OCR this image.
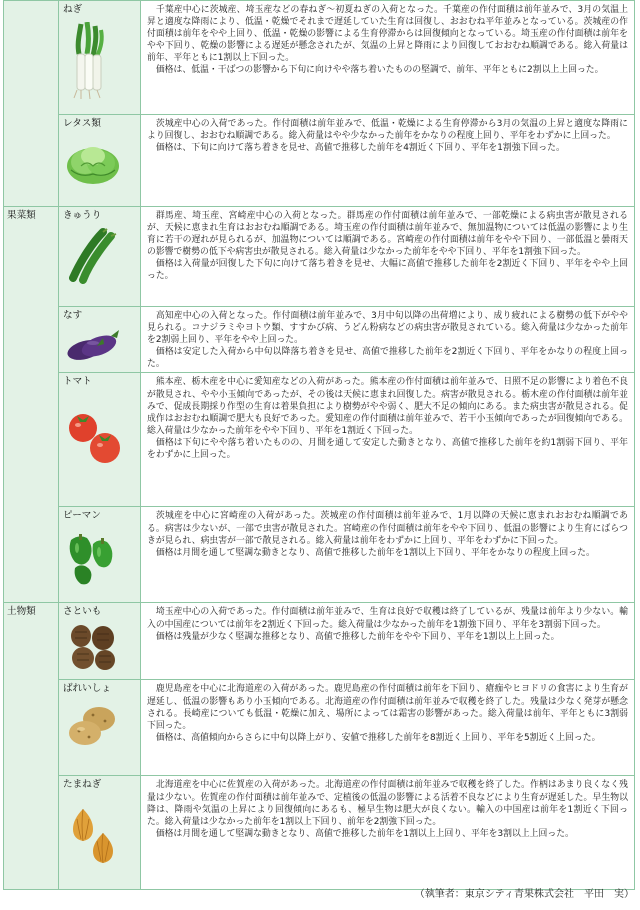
	ねぎ	千葉産中心に茨城産、埼玉産などの春ねぎ〜初夏ねぎの入荷となった。千葉産の作付面積は前年並みで、3月の気温上昇と適度な降雨により、低温・乾燥でそれまで遅延していた生育は回復し、おおむね平年並みとなっている。茨城産の作付面積は前年をやや上回り、低温・乾燥の影響による生育停滞からは回復傾向となっている。埼玉産の作付面積は前年をやや下回り、乾燥の影響による遅延が懸念されたが、気温の上昇と降雨により回復しておおむね順調である。総入荷量は前年、平年ともに1割以上下回った。

価格は、低温・干ばつの影響から下旬に向けやや落ち着いたものの堅調で、前年、平年ともに2割以上上回った。

	レタス類	茨城産中心の入荷であった。作付面積は前年並みで、低温・乾燥による生育停滞から3月の気温の上昇と適度な降雨により回復し、おおむね順調である。総入荷量はやや少なかった前年をかなりの程度上回り、平年をわずかに上回った。

価格は、下旬に向けて落ち着きを見せ、高値で推移した前年を4割近く下回り、平年を1割強下回った。

果菜類	きゅうり	群馬産、埼玉産、宮崎産中心の入荷となった。群馬産の作付面積は前年並みで、一部乾燥による病虫害が散見されるが、天候に恵まれ生育はおおむね順調である。埼玉産の作付面積は前年並みで、無加温物については低温の影響により生育に若干の遅れが見られるが、加温物については順調である。宮崎産の作付面積は前年をやや下回り、一部低温と曇雨天の影響で樹勢の低下や病害虫が散見される。総入荷量は少なかった前年をやや下回り、平年を1割強下回った。

価格は入荷量が回復した下旬に向けて落ち着きを見せ、大幅に高値で推移した前年を2割近く下回り、平年をやや上回った。

	なす	高知産中心の入荷となった。作付面積は前年並みで、3月中旬以降の出荷増により、成り疲れによる樹勢の低下がやや見られる。コナジラミやヨトウ類、すすかび病、うどん粉病などの病虫害が散見されている。総入荷量は少なかった前年を2割弱上回り、平年をやや上回った。

価格は安定した入荷から中旬以降落ち着きを見せ、高値で推移した前年を2割近く下回り、平年をかなりの程度上回った。

	トマト	熊本産、栃木産を中心に愛知産などの入荷があった。熊本産の作付面積は前年並みで、日照不足の影響により着色不良が散見され、やや小玉傾向であったが、その後は天候に恵まれ回復した。病害が散見される。栃木産の作付面積は前年並みで、促成長期採り作型の生育は着果負担により樹勢がやや弱く、肥大不足の傾向にある。また病虫害が散見される。促成作はおおむね順調で肥大も良好であった。愛知産の作付面積は前年並みで、若干小玉傾向であったが回復傾向である。総入荷量は少なかった前年をやや下回り、平年を1割近く下回った。

価格は下旬にやや落ち着いたものの、月間を通して安定した動きとなり、高値で推移した前年を約1割弱下回り、平年をわずかに上回った。

	ピーマン	茨城産を中心に宮崎産の入荷があった。茨城産の作付面積は前年並みで、1月以降の天候に恵まれおおむね順調である。病害は少ないが、一部で虫害が散見された。宮崎産の作付面積は前年をやや下回り、低温の影響により生育にばらつきが見られ、病虫害が一部で散見される。総入荷量は前年をわずかに上回り、平年をわずかに下回った。

価格は月間を通して堅調な動きとなり、高値で推移した前年を1割以上下回り、平年をかなりの程度上回った。

土物類	さといも	埼玉産中心の入荷であった。作付面積は前年並みで、生育は良好で収穫は終了しているが、残量は前年より少ない。輸入の中国産については前年を2割近く下回った。総入荷量は少なかった前年を1割強下回り、平年を3割弱下回った。

価格は残量が少なく堅調な推移となり、高値で推移した前年をやや下回り、平年を1割以上上回った。

	ばれいしょ	鹿児島産を中心に北海道産の入荷があった。鹿児島産の作付面積は前年を下回り、瘡痂やヒヨドリの食害により生育が遅延し、低温の影響もあり小玉傾向である。北海道産の作付面積は前年並みで収穫を終了した。残量は少なく発芽が懸念される。長崎産についても低温・乾燥に加え、場所によっては霜害の影響があった。総入荷量は前年、平年ともに3割弱下回った。

価格は、高値傾向からさらに中旬以降上がり、安値で推移した前年を8割近く上回り、平年を5割近く上回った。

	たまねぎ	北海道産を中心に佐賀産の入荷があった。北海道産の作付面積は前年並みで収穫を終了した。作柄はあまり良くなく残量は少ない。佐賀産の作付面積は前年並みで、定植後の低温の影響による活着不良などにより生育が遅延した。早生物以降は、降雨や気温の上昇により回復傾向にあるも、極早生物は肥大が良くない。輸入の中国産は前年を1割近く下回った。総入荷量は少なかった前年を1割以上下回り、前年を2割強下回った。

価格は月間を通して堅調な動きとなり、高値で推移した前年を1割以上上回り、平年を3割以上上回った。

（執筆者：東京シティ青果株式会社　平田　実）
